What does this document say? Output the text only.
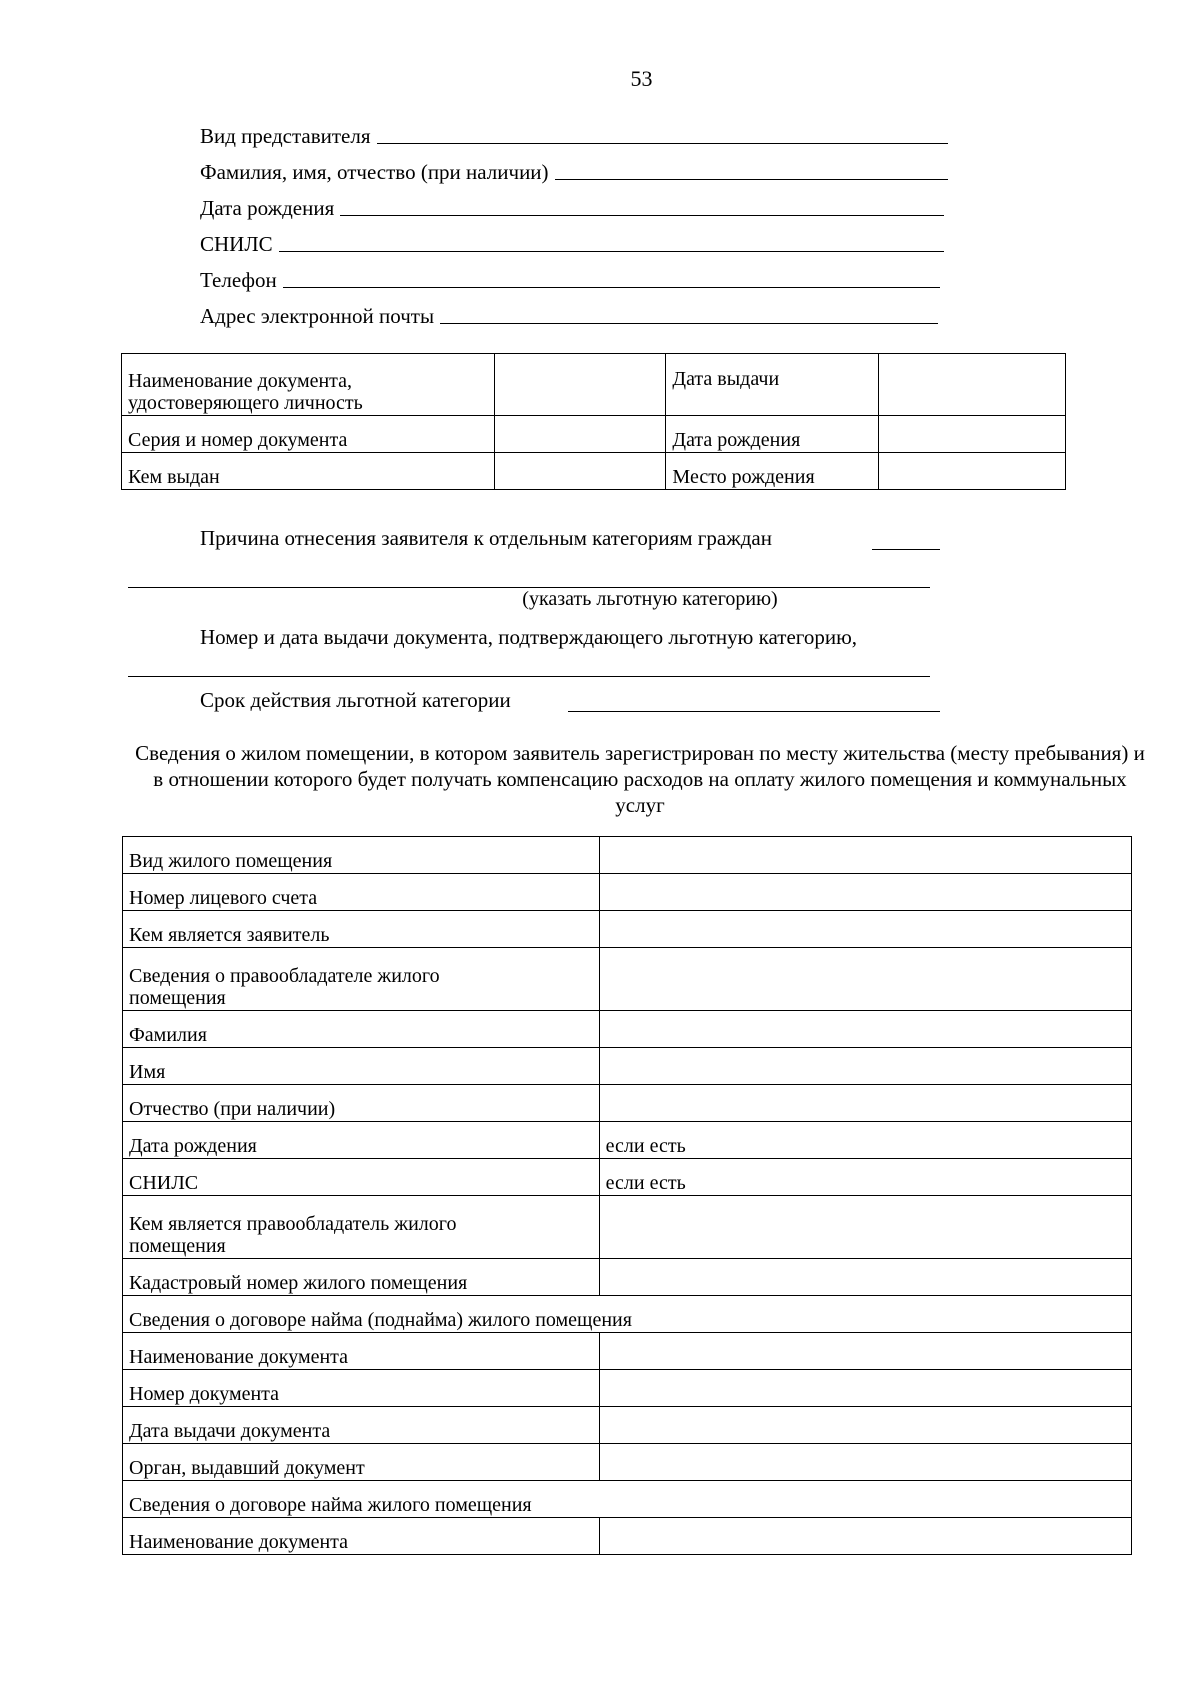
53
Вид представителя
Фамилия, имя, отчество (при наличии)
Дата рождения
СНИЛС
Телефон
Адрес электронной почты
Наименование документа, удостоверяющего личность		Дата выдачи	
Серия и номер документа		Дата рождения	
Кем выдан		Место рождения	
Причина отнесения заявителя к отдельным категориям граждан
(указать льготную категорию)
Номер и дата выдачи документа, подтверждающего льготную категорию,
Срок действия льготной категории
Сведения о жилом помещении, в котором заявитель зарегистрирован по месту жительства (месту пребывания) и в отношении которого будет получать компенсацию расходов на оплату жилого помещения и коммунальных услуг
Вид жилого помещения	
Номер лицевого счета	
Кем является заявитель	
Сведения о правообладателе жилого помещения	
Фамилия	
Имя	
Отчество (при наличии)	
Дата рождения	если есть
СНИЛС	если есть
Кем является правообладатель жилого помещения	
Кадастровый номер жилого помещения	
Сведения о договоре найма (поднайма) жилого помещения	
Наименование документа	
Номер документа	
Дата выдачи документа	
Орган, выдавший документ	
Сведения о договоре найма жилого помещения	
Наименование документа	
